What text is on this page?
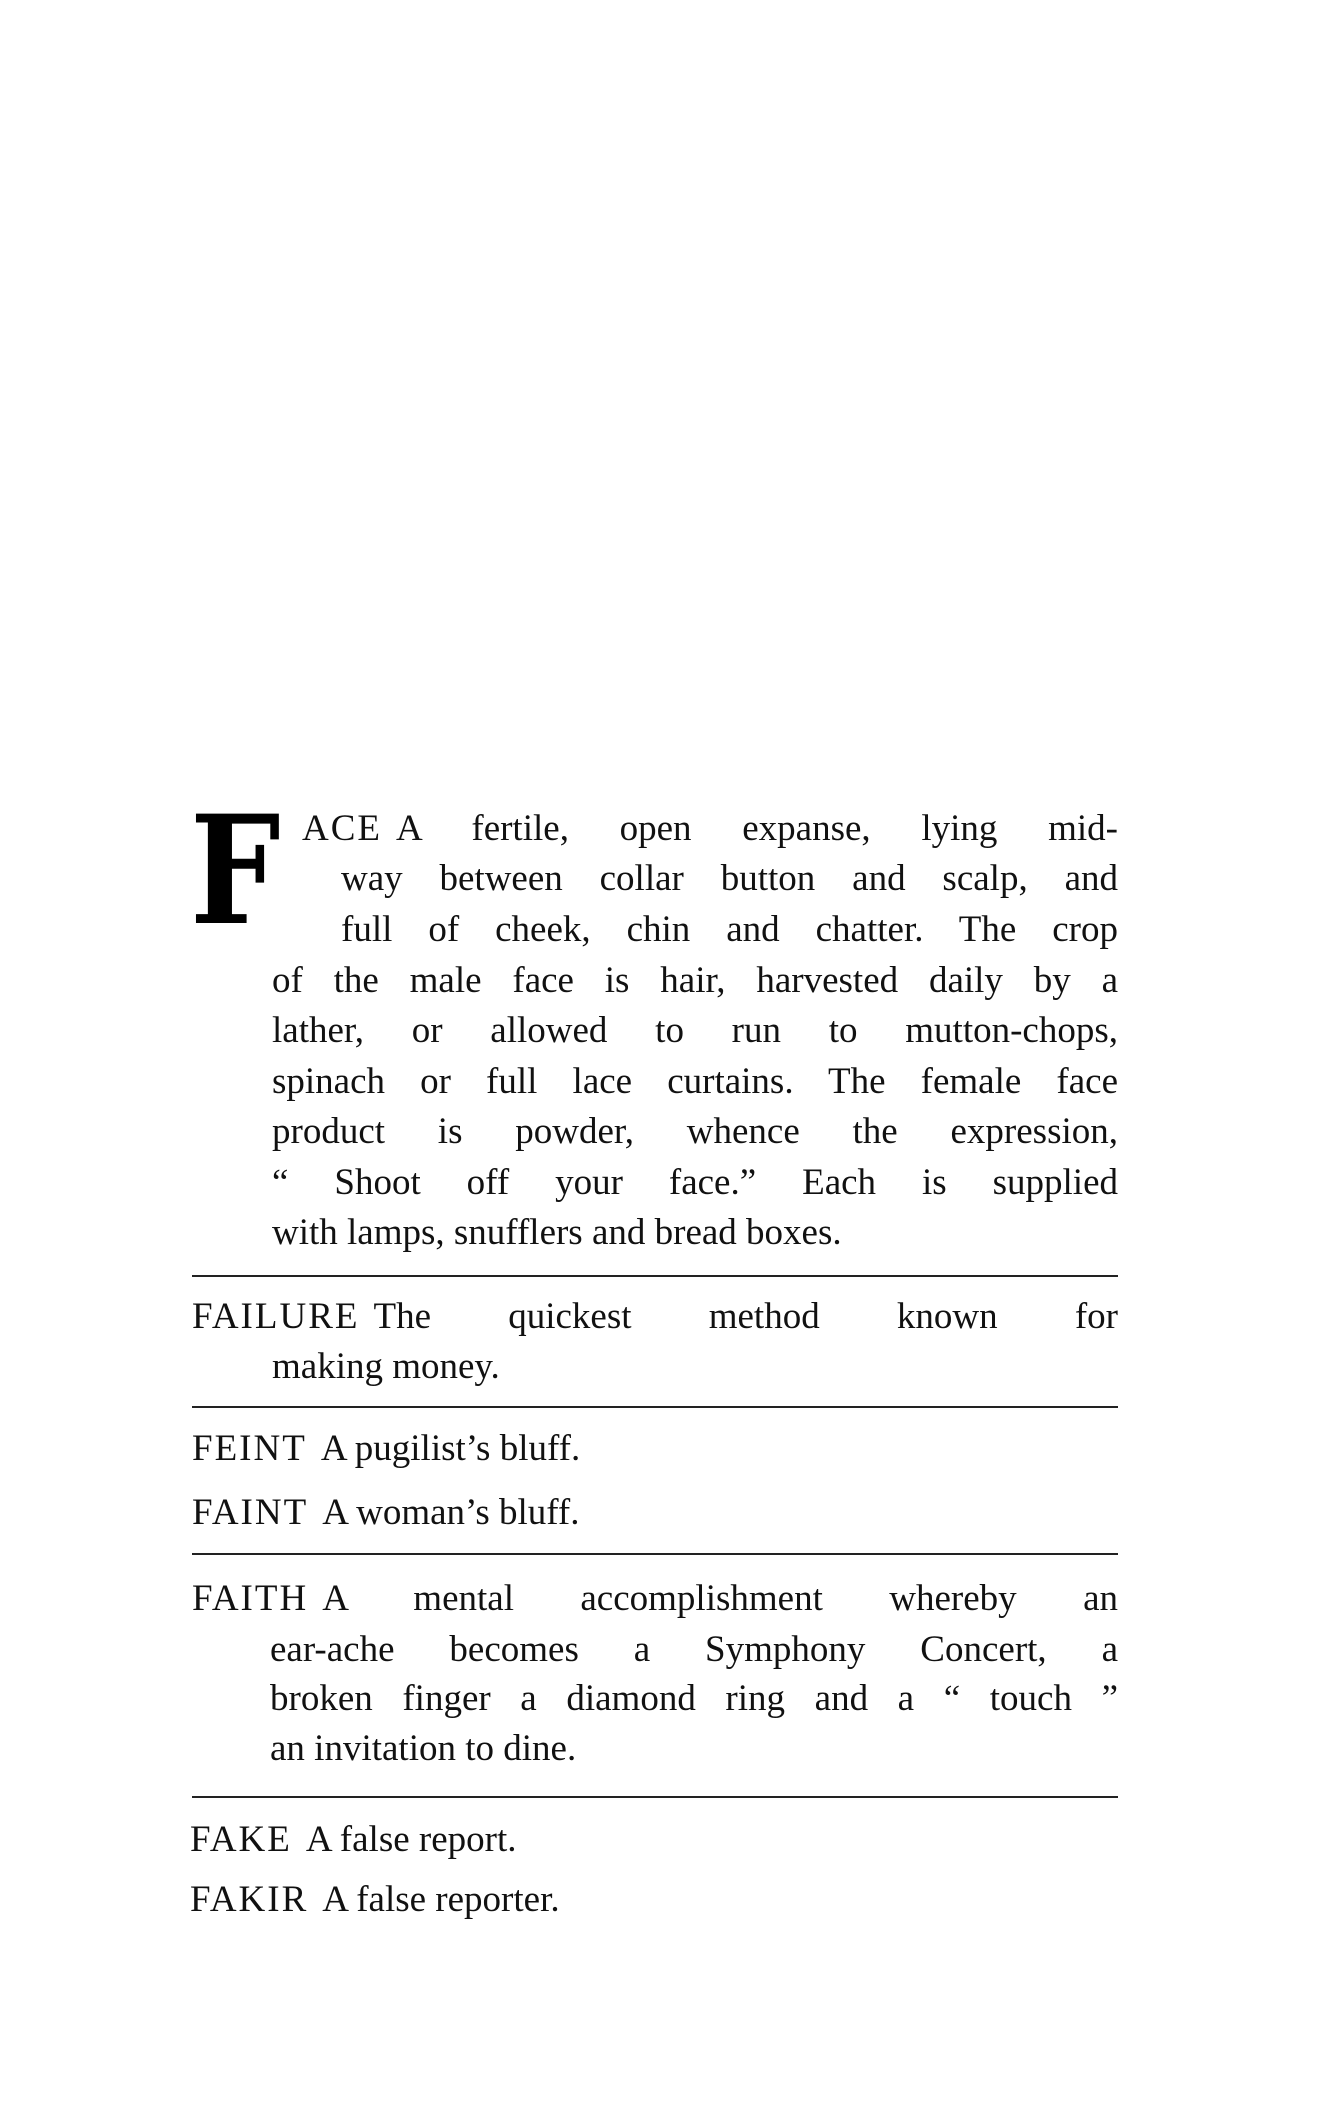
F ACE A fertile, open expanse, lying mid-
way between collar button and scalp, and
full of cheek, chin and chatter. The crop
of the male face is hair, harvested daily by a
lather, or allowed to run to mutton-chops,
spinach or full lace curtains. The female face
product is powder, whence the expression,
“ Shoot off your face.” Each is supplied
with lamps, snufflers and bread boxes.
FAILURE The quickest method known for
making money.
FEINT A pugilist’s bluff.
FAINT A woman’s bluff.
FAITH A mental accomplishment whereby an
ear-ache becomes a Symphony Concert, a
broken finger a diamond ring and a “ touch ”
an invitation to dine.
FAKE A false report.
FAKIR A false reporter.
